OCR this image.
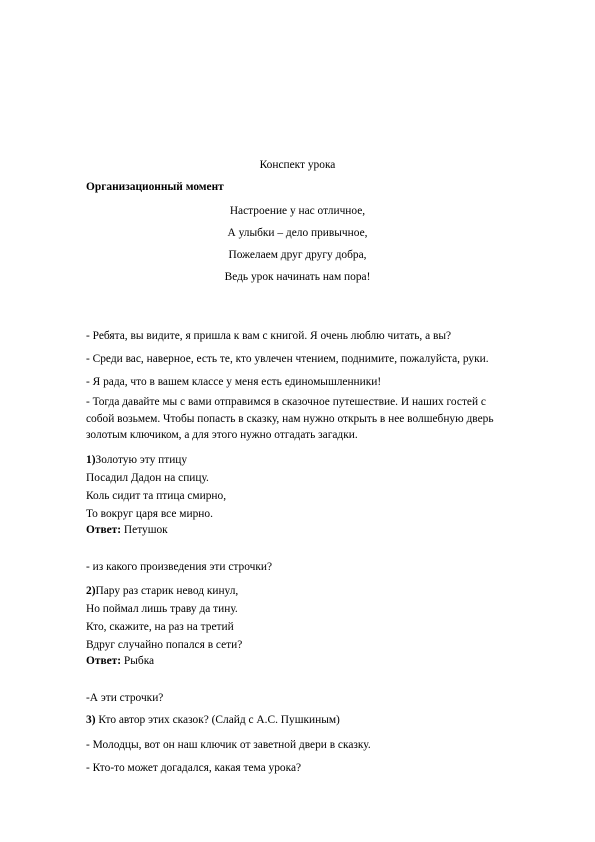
Конспект урока
Организационный момент
Настроение у нас отличное,
А улыбки – дело привычное,
Пожелаем друг другу добра,
Ведь урок начинать нам пора!
- Ребята, вы видите, я пришла к вам с книгой. Я очень люблю читать, а вы?
- Среди вас, наверное, есть те, кто увлечен чтением, поднимите, пожалуйста, руки.
- Я рада, что в вашем классе у меня есть единомышленники!
- Тогда давайте мы с вами отправимся в сказочное путешествие. И наших гостей с собой возьмем. Чтобы попасть в сказку, нам нужно открыть в нее волшебную дверь золотым ключиком, а для этого нужно отгадать загадки.
1)Золотую эту птицу
Посадил Дадон на спицу.
Коль сидит та птица смирно,
То вокруг царя все мирно.
Ответ: Петушок
- из какого произведения эти строчки?
2)Пару раз старик невод кинул,
Но поймал лишь траву да тину.
Кто, скажите, на раз на третий
Вдруг случайно попался в сети?
Ответ: Рыбка
-А эти строчки?
3) Кто автор этих сказок? (Слайд с А.С. Пушкиным)
- Молодцы, вот он наш ключик от заветной двери в сказку.
- Кто-то может догадался, какая тема урока?
